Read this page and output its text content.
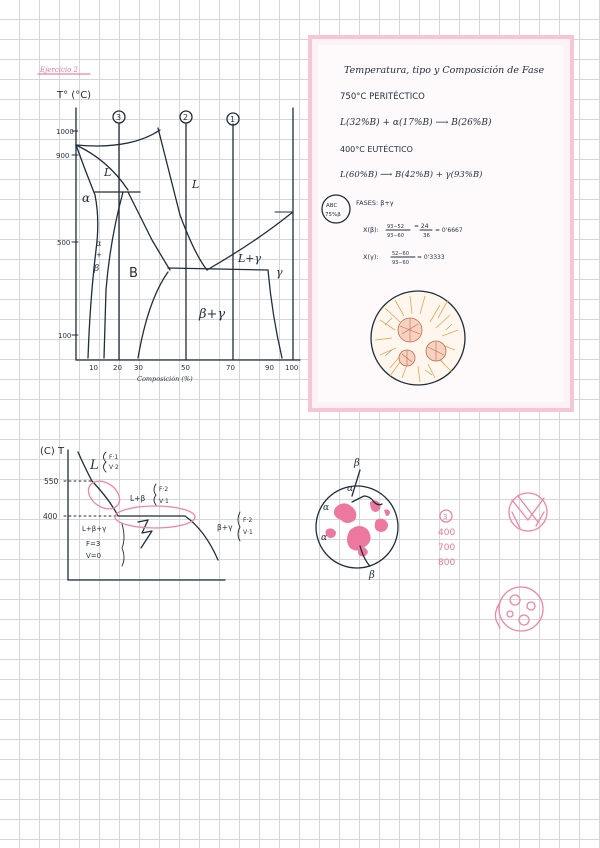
Ejercicio 2
T° (°C)
1000
900
500
100
10 20 30	50	70	90 100
Composición (%)
3	2	1
L
L
α
α
+
β B
β+γ
L+γ
γ
Temperatura, tipo y Composición de Fase
750°C PERITÉCTICO
L(32%B) + α(17%B) ⟶ B(26%B)
400°C EUTÉCTICO
L(60%B) ⟶ B(42%B) + γ(93%B)
ABC
75%β
FASES: β+γ
X(β): 93−52
93−60
= 24
36
= 0'6667
X(γ):	52−60
93−60
= 0'3333
(C) T
550
400
L
F·1
V·2
L+β
F·2
V·1
L+β+γ
F=3
V=0
β+γ
F·2
V·1
β
β
α
α
α
3
400
700
800
